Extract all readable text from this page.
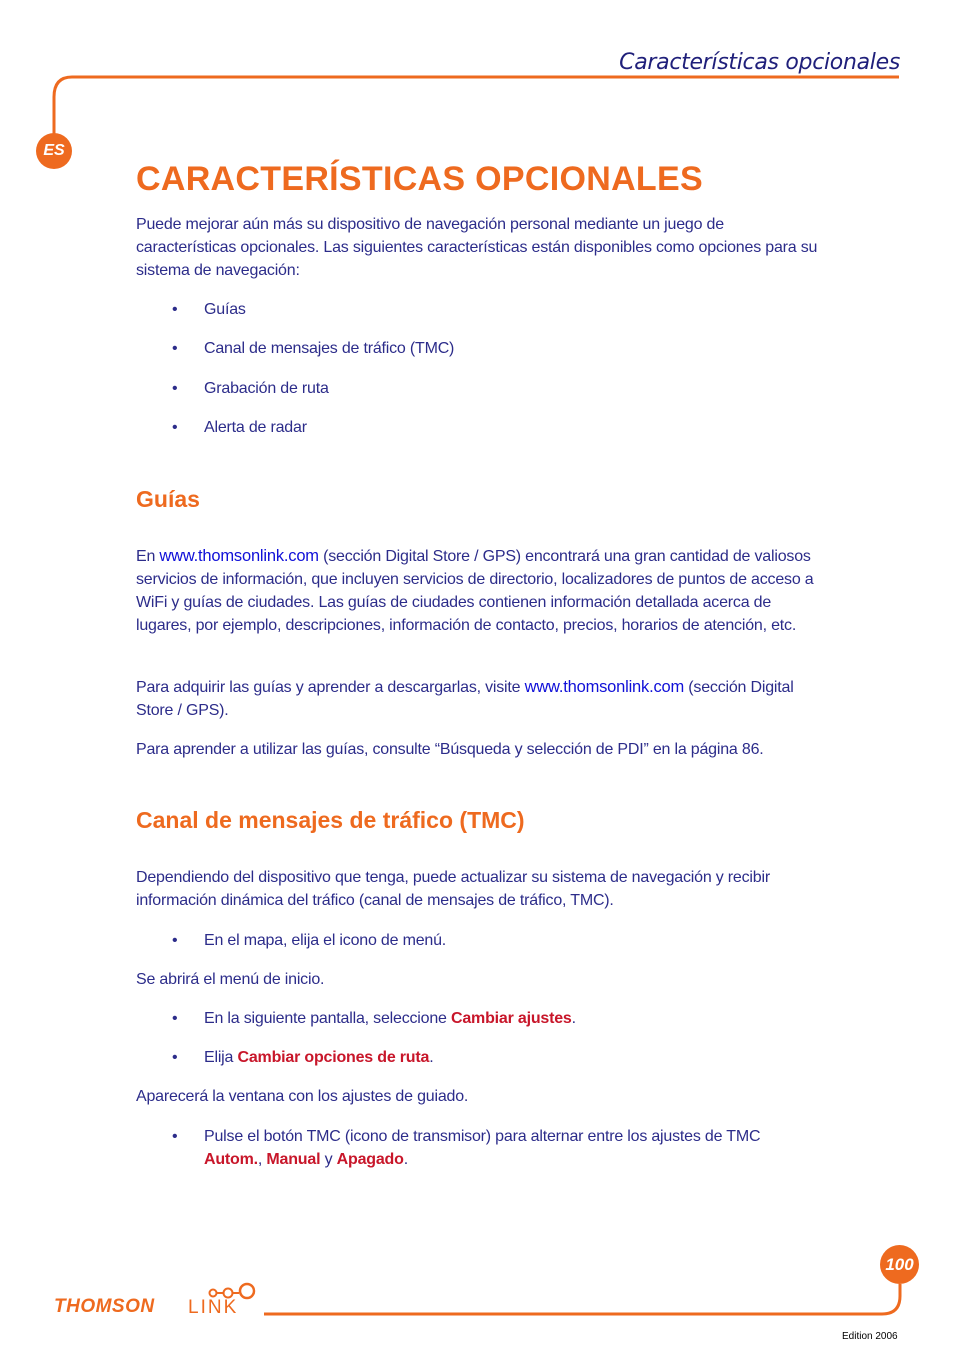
Características opcionales
ES
CARACTERÍSTICAS OPCIONALES

Puede mejorar aún más su dispositivo de navegación personal mediante un juego de características opcionales. Las siguientes características están disponibles como opciones para su sistema de navegación:

•	Guías
•	Canal de mensajes de tráfico (TMC)
•	Grabación de ruta
•	Alerta de radar
Guías

En www.thomsonlink.com (sección Digital Store / GPS) encontrará una gran cantidad de valiosos servicios de información, que incluyen servicios de directorio, localizadores de puntos de acceso a WiFi y guías de ciudades. Las guías de ciudades contienen información detallada acerca de lugares, por ejemplo, descripciones, información de contacto, precios, horarios de atención, etc.

Para adquirir las guías y aprender a descargarlas, visite www.thomsonlink.com (sección Digital Store / GPS).

Para aprender a utilizar las guías, consulte “Búsqueda y selección de PDI” en la página 86.

Canal de mensajes de tráfico (TMC)

Dependiendo del dispositivo que tenga, puede actualizar su sistema de navegación y recibir información dinámica del tráfico (canal de mensajes de tráfico, TMC).

•	En el mapa, elija el icono de menú.

Se abrirá el menú de inicio.

•	En la siguiente pantalla, seleccione Cambiar ajustes.
•	Elija Cambiar opciones de ruta.

Aparecerá la ventana con los ajustes de guiado.

•	Pulse el botón TMC (icono de transmisor) para alternar entre los ajustes de TMC Autom., Manual y Apagado.
100
THOMSON LINK
Edition 2006
